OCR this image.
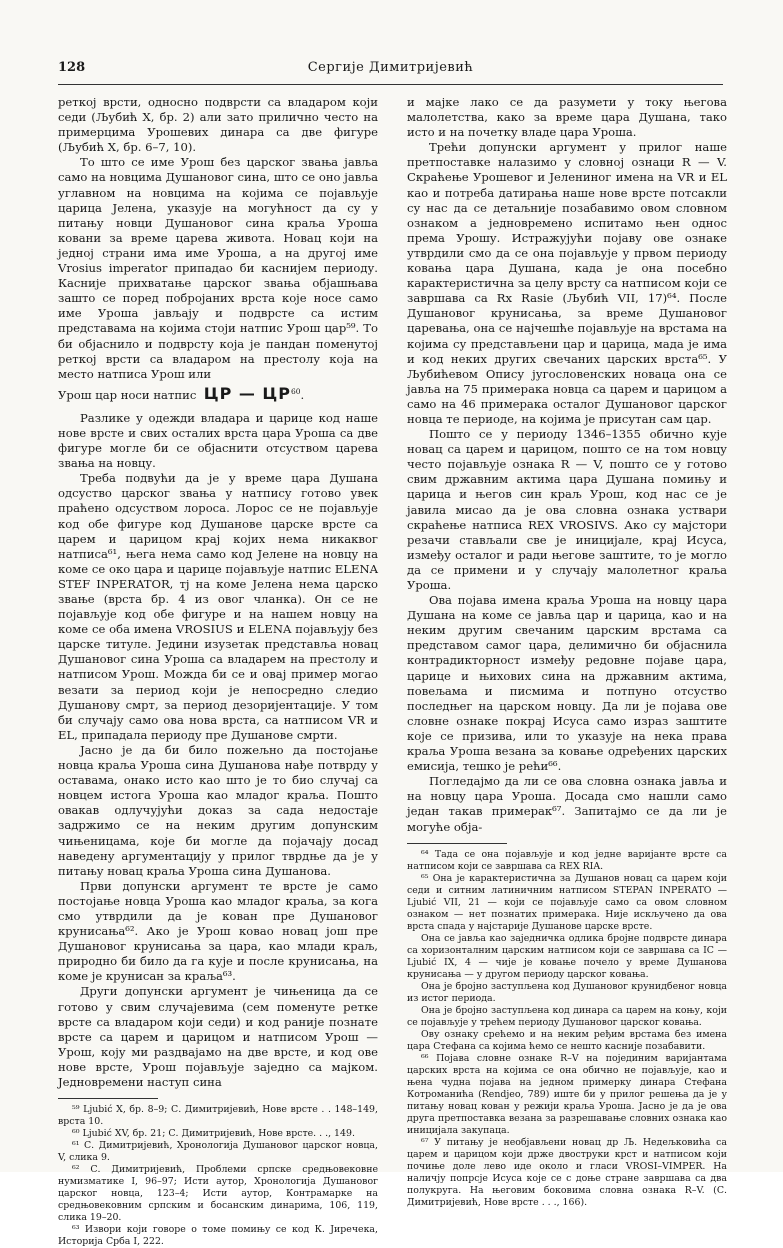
128	Сергије Димитријевић

реткој врсти, односно подврсти са владаром који седи (Љубић X, бр. 2) али зато прилично често на примерцима Урошевих динара са две фигуре (Љубић X, бр. 6–7, 10).

То што се име Урош без царског звања јавља само на новцима Душановог сина, што се оно јавља углавном на новцима на којима се појављује царица Јелена, указује на могућност да су у питању новци Душановог сина краља Уроша ковани за време царева живота. Новац који на једној страни има име Уроша, а на другој име Vrosius imperator припадао би каснијем периоду. Касније прихватање царског звања објашњава зашто се поред побројаних врста које носе само име Уроша јављају и подврсте са истим представама на којима стоји натпис Урош цар⁵⁹. То би објаснило и подврсту која је пандан поменутој реткој врсти са владаром на престолу која на место натписа Урош или

Урош цар носи натпис ЦР — ЦР$^{60}$.

Разлике у одежди владара и царице код наше нове врсте и свих осталих врста цара Уроша са две фигуре могле би се објаснити отсуством царева звања на новцу.

Треба подвући да је у време цара Душана одсуство царског звања у натпису готово увек праћено одсуством лороса. Лорос се не појављује код обе фигуре код Душанове царске врсте са царем и царицом крај којих нема никаквог натписа⁶¹, њега нема само код Јелене на новцу на коме се око цара и царице појављује натпис ELENA STEF INPERATOR, тј на коме Јелена нема царско звање (врста бр. 4 из овог чланка). Он се не појављује код обе фигуре и на нашем новцу на коме се оба имена VROSIUS и ELENA појављују без царске титуле. Једини изузетак представља новац Душановог сина Уроша са владарем на престолу и натписом Урош. Можда би се и овај пример могао везати за период који је непосредно следио Душанову смрт, за период дезоријентације. У том би случају само ова нова врста, са натписом VR и EL, припадала периоду пре Душанове смрти.

Јасно је да би било пожељно да постојање новца краља Уроша сина Душанова нађе потврду у оставама, онако исто као што је то био случај са новцем истога Уроша као младог краља. Пошто овакав одлучујући доказ за сада недостаје задржимо се на неким другим допунским чињеницама, које би могле да појачају досад наведену аргументацију у прилог тврдње да је у питању новац краља Уроша сина Душанова.

Први допунски аргумент те врсте је само постојање новца Уроша као младог краља, за кога смо утврдили да је кован пре Душановог крунисања⁶². Ако је Урош ковао новац још пре Душановог крунисања за цара, као млади краљ, природно би било да га кује и после крунисања, на коме је крунисан за краља⁶³.

Други допунски аргумент је чињеница да се готово у свим случајевима (сем поменуте ретке врсте са владаром који седи) и код раније познате врсте са царем и царицом и натписом Урош — Урош, коју ми раздвајамо на две врсте, и код ове нове врсте, Урош појављује заједно са мајком. Једновремени наступ сина

⁵⁹ Ljubić X, бр. 8–9; С. Димитријевић, Нове врсте . . 148–149, врста 10.

⁶⁰ Ljubić XV, бр. 21; С. Димитријевић, Нове врсте. . ., 149.

⁶¹ С. Димитријевић, Хронологија Душановог царског новца, V, слика 9.

⁶² С. Димитријевић, Проблеми српске средњовековне нумизматике I, 96–97; Исти аутор, Хронологија Душановог царског новца, 123–4; Исти аутор, Контрамарке на средњовековним српским и босанским динарима, 106, 119, слика 19–20.

⁶³ Извори који говоре о томе помињу се код К. Јиречека, Историја Срба I, 222.

и мајке лако се да разумети у току његова малолетства, како за време цара Душана, тако исто и на почетку владе цара Уроша.

Трећи допунски аргумент у прилог наше претпоставке налазимо у словној ознаци R — V. Скраћење Урошевог и Јелениног имена на VR и EL као и потреба датирања наше нове врсте потсакли су нас да се детаљније позабавимо овом словном ознаком а једновремено испитамо њен однос према Урошу. Истражујући појаву ове ознаке утврдили смо да се она појављује у првом периоду ковања цара Душана, када је она посебно карактеристична за целу врсту са натписом који се завршава са Rx Rasie (Љубић VII, 17)⁶⁴. После Душановог крунисања, за време Душановог царевања, она се најчешће појављује на врстама на којима су представљени цар и царица, мада је има и код неких других свечаних царских врста⁶⁵. У Љубићевом Опису југословенских новаца она се јавља на 75 примерака новца са царем и царицом а само на 46 примерака осталог Душановог царског новца те периоде, на којима је присутан сам цар.

Пошто се у периоду 1346–1355 обично кује новац са царем и царицом, пошто се на том новцу често појављује ознака R — V, пошто се у готово свим државним актима цара Душана помињу и царица и његов син краљ Урош, код нас се је јавила мисао да је ова словна ознака уствари скраћење натписа REX VROSIVS. Ако су мајстори резачи стављали све је иницијале, крај Исуса, између осталог и ради његове заштите, то је могло да се примени и у случају малолетног краља Уроша.

Ова појава имена краља Уроша на новцу цара Душана на коме се јавља цар и царица, као и на неким другим свечаним царским врстама са представом самог цара, делимично би објаснила контрадикторност између редовне појаве цара, царице и њихових сина на државним актима, повељама и писмима и потпуно отсуство последњег на царском новцу. Да ли је појава ове словне ознаке покрај Исуса само израз заштите које се призива, или то указује на нека права краља Уроша везана за ковање одређених царских емисија, тешко је рећи⁶⁶.

Погледајмо да ли се ова словна ознака јавља и на новцу цара Уроша. Досада смо нашли само један такав примерак⁶⁷. Запитајмо се да ли је могуће обја-

⁶⁴ Тада се она појављује и код једне варијанте врсте са натписом који се завршава са REX RIA.

⁶⁵ Она је карактеристична за Душанов новац са царем који седи и ситним латиничним натписом STEPAN INPERATO — Ljubić VII, 21 — који се појављује само са овом словном ознаком — нет познатих примерака. Није искључено да ова врста спада у најстарије Душанове царске врсте.

Она се јавља као заједничка одлика бројне подврсте динара са хоризонталним царским натписом који се завршава са IC — Ljubić IX, 4 — чије је ковање почело у време Душанова крунисања — у другом периоду царског ковања.

Она је бројно заступљена код Душановог крунидбеног новца из истог периода.

Она је бројно заступљена код динара са царем на коњу, који се појављује у трећем периоду Душановог царског ковања.

Ову ознаку срећемо и на неким ређим врстама без имена цара Стефана са којима ћемо се нешто касније позабавити.

⁶⁶ Појава словне ознаке R–V на појединим варијантама царских врста на којима се она обично не појављује, као и њена чудна појава на једном примерку динара Стефана Котроманића (Rendjeo, 789) иште би у прилог решења да је у питању новац кован у режији краља Уроша. Јасно је да је ова друга претпоставка везана за разрешавање словних ознака као иницијала закупаца.

⁶⁷ У питању је необјављени новац др Љ. Недељковића са царем и царицом који држе двоструки крст и натписом који почиње доле лево иде около и гласи VROSI–VIMPER. На наличју попрсје Исуса које се с доње стране завршава са два полукруга. На његовим боковима словна ознака R–V. (С. Димитријевић, Нове врсте . . ., 166).
